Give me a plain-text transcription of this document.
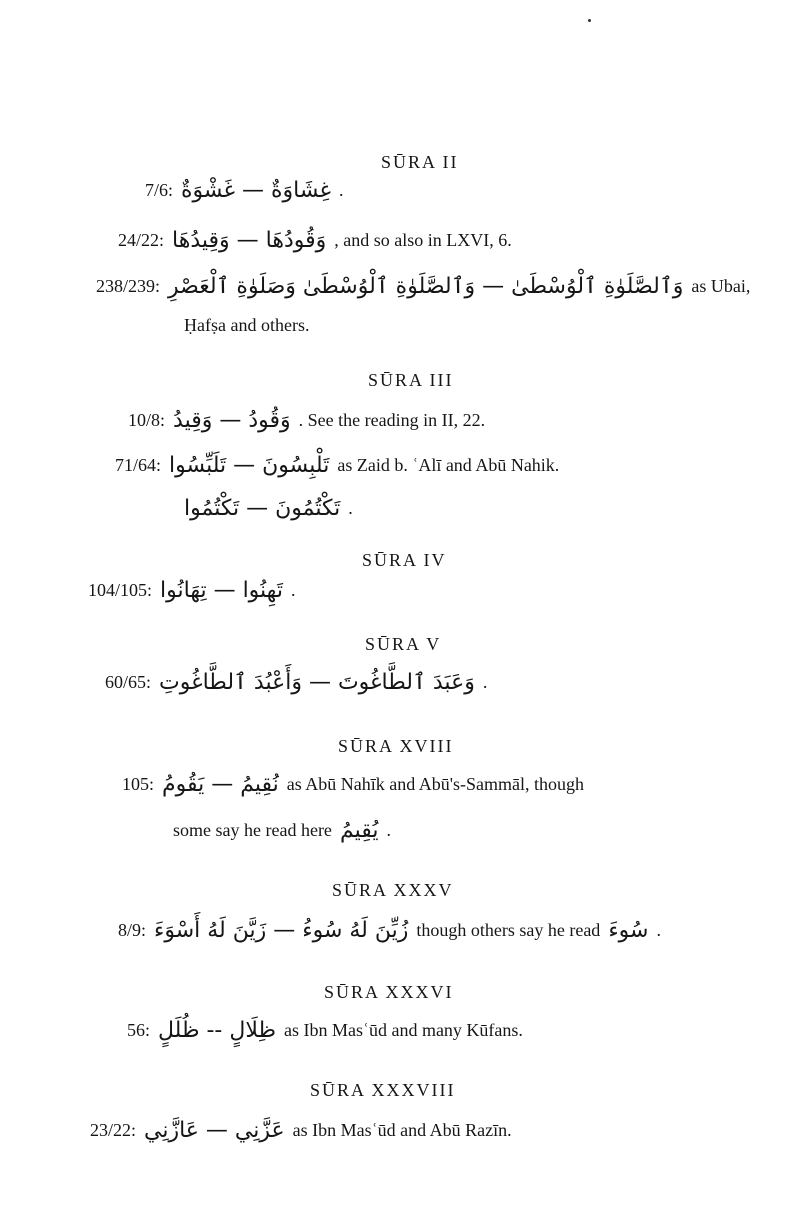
SŪRA II
7/6: غِشَاوَةٌ — غَشْوَةٌ .
24/22: وَقُودُهَا — وَقِيدُهَا , and so also in LXVI, 6.
238/239: وَٱلصَّلَوٰةِ ٱلْوُسْطَىٰ — وَٱلصَّلَوٰةِ ٱلْوُسْطَىٰ وَصَلَوٰةِ ٱلْعَصْرِ as Ubai,
Ḥafṣa and others.
SŪRA III
10/8: وَقُودُ — وَقِيدُ . See the reading in II, 22.
71/64: تَلْبِسُونَ — تَلَبِّسُوا as Zaid b. ʿAlī and Abū Nahik.
تَكْتُمُونَ — تَكْتُمُوا .
SŪRA IV
104/105: تَهِنُوا — تِهَانُوا .
SŪRA V
60/65: وَعَبَدَ ٱلطَّاغُوتَ — وَأَعْبُدَ ٱلطَّاغُوتِ .
SŪRA XVIII
105: نُقِيمُ — يَقُومُ as Abū Nahīk and Abū's-Sammāl, though
some say he read here يُقِيمُ .
SŪRA XXXV
8/9: زُيِّنَ لَهُ سُوءُ — زَيَّنَ لَهُ أَسْوَءَ though others say he read سُوءَ .
SŪRA XXXVI
56: ظِلَالٍ -- ظُلَلٍ as Ibn Masʿūd and many Kūfans.
SŪRA XXXVIII
23/22: عَزَّنِي — عَازَّنِي as Ibn Masʿūd and Abū Razīn.
